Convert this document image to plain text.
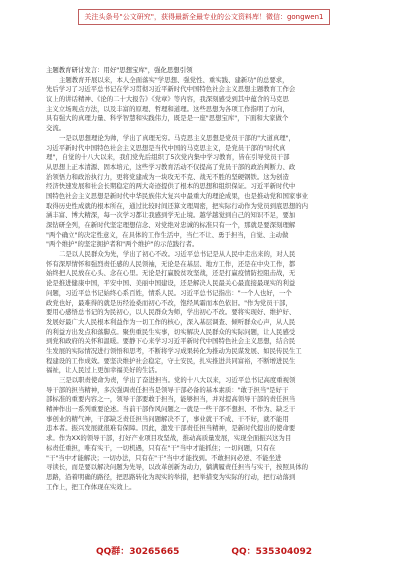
关注头条号"公文研究"，获得最新全最专业的公文资料库！微信：gongwen1
主题教育研讨发言：用好"思想宝库"，强化思想引领
主题教育开展以来，本人全面落实"学思想、强党性、重实践、建新功"的总要求，
先后学习了习近平总书记在学习贯彻习近平新时代中国特色社会主义思想主题教育工作会
议上的讲话精神、《论的二十大报告》《党章》等内容，我深刻感受到其中蕴含的马克思
主义立场观点方法，以及丰富的原理、哲理和道理。这些思想为各项工作指明了方向，
具有强大的真理力量、科学智慧和实践伟力，既是是一座"思想宝库"，下面和大家做个
交流。
一是以思想理论为帅，学出了真理无穷。马克思主义思想是党员干部的"大道真理"，
习近平新时代中国特色社会主义思想是当代中国的马克思主义，是党员干部的"时代真
理"，自觉的十八大以来，我们党先后组织了5次党内集中学习教育，皆在引导党员干部
从思想上正本清源、固本培元，这些学习教育活动不仅提高了党员干部的政治判断力、政
治领悟力和政治执行力，更将党建成为一块攻无不克、战无不胜的坚硬钢铁。这为创造
经济快速发展和社会长期稳定的两大奇迹提供了根本的思想和组织保证。习近平新时代中
国特色社会主义思想是新时代中华民族伟大复兴中最重大的理论成果，也是推动党和国家事业
取得历史性成就的根本所在，通过比较时间还算文理周密，把实际行动作为党员到底思想的内
涵丰富、博大精深，每一次学习都让我感到学无止境。越学越觉到自己的知识不足，要加
深钻研全列，在新时代坚定理想信念、对党绝对忠诚的标准只有一个，那就是要深刻理解
"两个确立"的决定性意义，在具体的工作生活中，当仁不让、勇于担当，自觉、主动做
"两个维护"的坚定拥护者和"两个维护"的示范践行者。
二是以人民群众为先，学出了初心不改。习近平总书记是从人民中走出来的，对人民
怀有深厚情怀和强烈责任感的人民领袖，无论是在基层、地方工作，还是在中央工作，都
始终把人民放在心头、念在心里。无论是打赢脱贫攻坚战，还是打赢疫情防控阻击战，无
论是推进健康中国，平安中国、美丽中国建设，还是解决人民最关心最直接最现实的利益
问题，习近平总书记始终心系百姓，情系人民。习近平总书记指出："一个人也好，一个
政党也好，最难得的就是历经沧桑而初心不改，饱经风霜而本色依旧。"作为党员干部，
要用心感悟总书记的为民初心，以人民群众为师，学出初心不改。要将实现好、维护好、
发展好最广大人民根本利益作为一切工作的核心，深入基层调查、倾听群众心声，从人民
的利益方出发点和落脚点。聚焦重民生实事，切实解决人民群众的实际问题，让人民感受
到党和政府的关怀和温暖。要静下心来学习习近平新时代中国特色社会主义思想，结合民
生发展的实际情况进行领悟和思考，不断将学习成果转化为推动为民谋发展、如民传民生工
程建设的工作成效。要坚决维护社会稳定，守土安民，扎实推进共同富裕，不断增进民生
福祉，让人民过上更加幸福美好的生活。
三是以职责使命为责，学出了奋进担当。党的十八大以来，习近平总书记高度重视领
导干部的担当精神，多次强调责任担当是领导干部必备的基本素质："敢于担当"是好干
部标准的重要内容之一，领导干部要敢于担当，能够担当，并对提高领导干部的责任担当
精神作出一系列重要论述。当前干部作风问题之一就是一些干部不想担、不作为、缺乏干
事创业的精气神，干部缺乏责任担当问题解决不了，事业就干不成、干不好，就不能用
违本者。振兴发展就很难有保障。因此，激发干部责任担当精神，是新时代提出的使命要
求。作为XX的领导干部，打好产业项目攻坚战，推动高质量发展，实现全面振兴这为目
标责任重担，唯有实干，一切机遇，只有在"干"当中才能抓住；一切问题，只有在
"干"当中才能解决；一切办法，只有在"干"当中才能找到。不敢担问必逆、不能坐进
寻读长，而是要以解决问题为先导，以改革创新为动力，躺满履责任担当与实干，按照具体的
思路，沿着明确的路径，把思路转化为现实的举措，把举措变为实际的行动，把行动落到
工作上，把工作体现在实效上。
QQ群：30265665	QQ：535304092
